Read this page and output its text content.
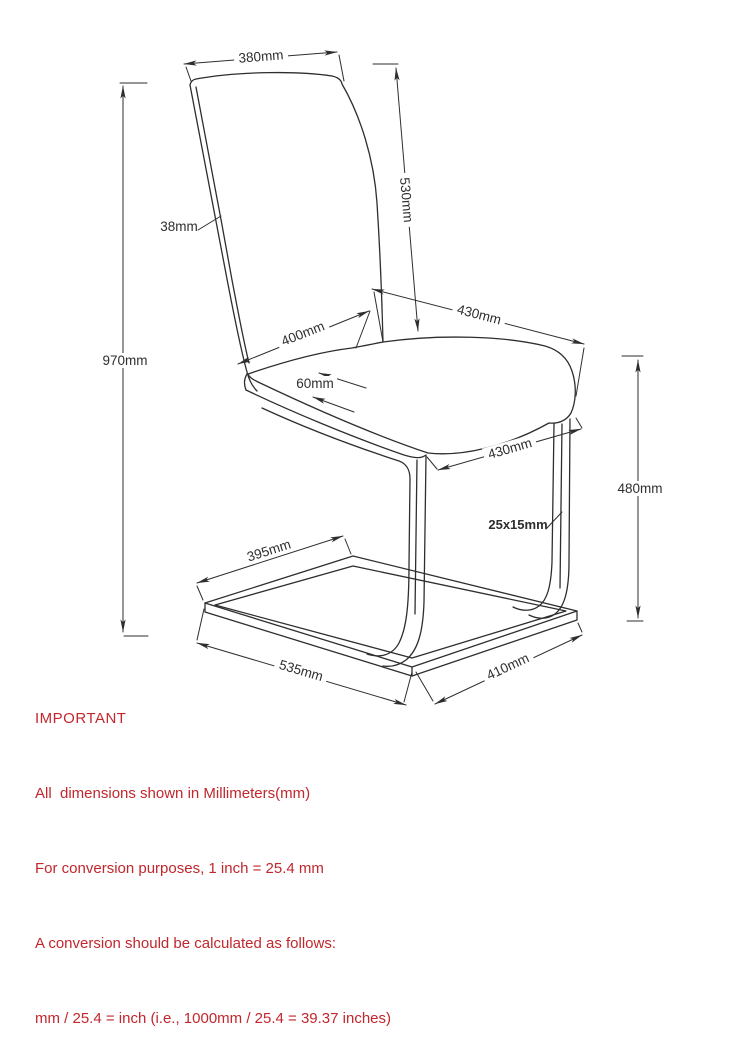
380mm
970mm
530mm
38mm
400mm
430mm
60mm
430mm
480mm
25x15mm
395mm
535mm	410mm

IMPORTANT

All  dimensions shown in Millimeters(mm)

For conversion purposes, 1 inch = 25.4 mm

A conversion should be calculated as follows:

mm / 25.4 = inch (i.e., 1000mm / 25.4 = 39.37 inches)
